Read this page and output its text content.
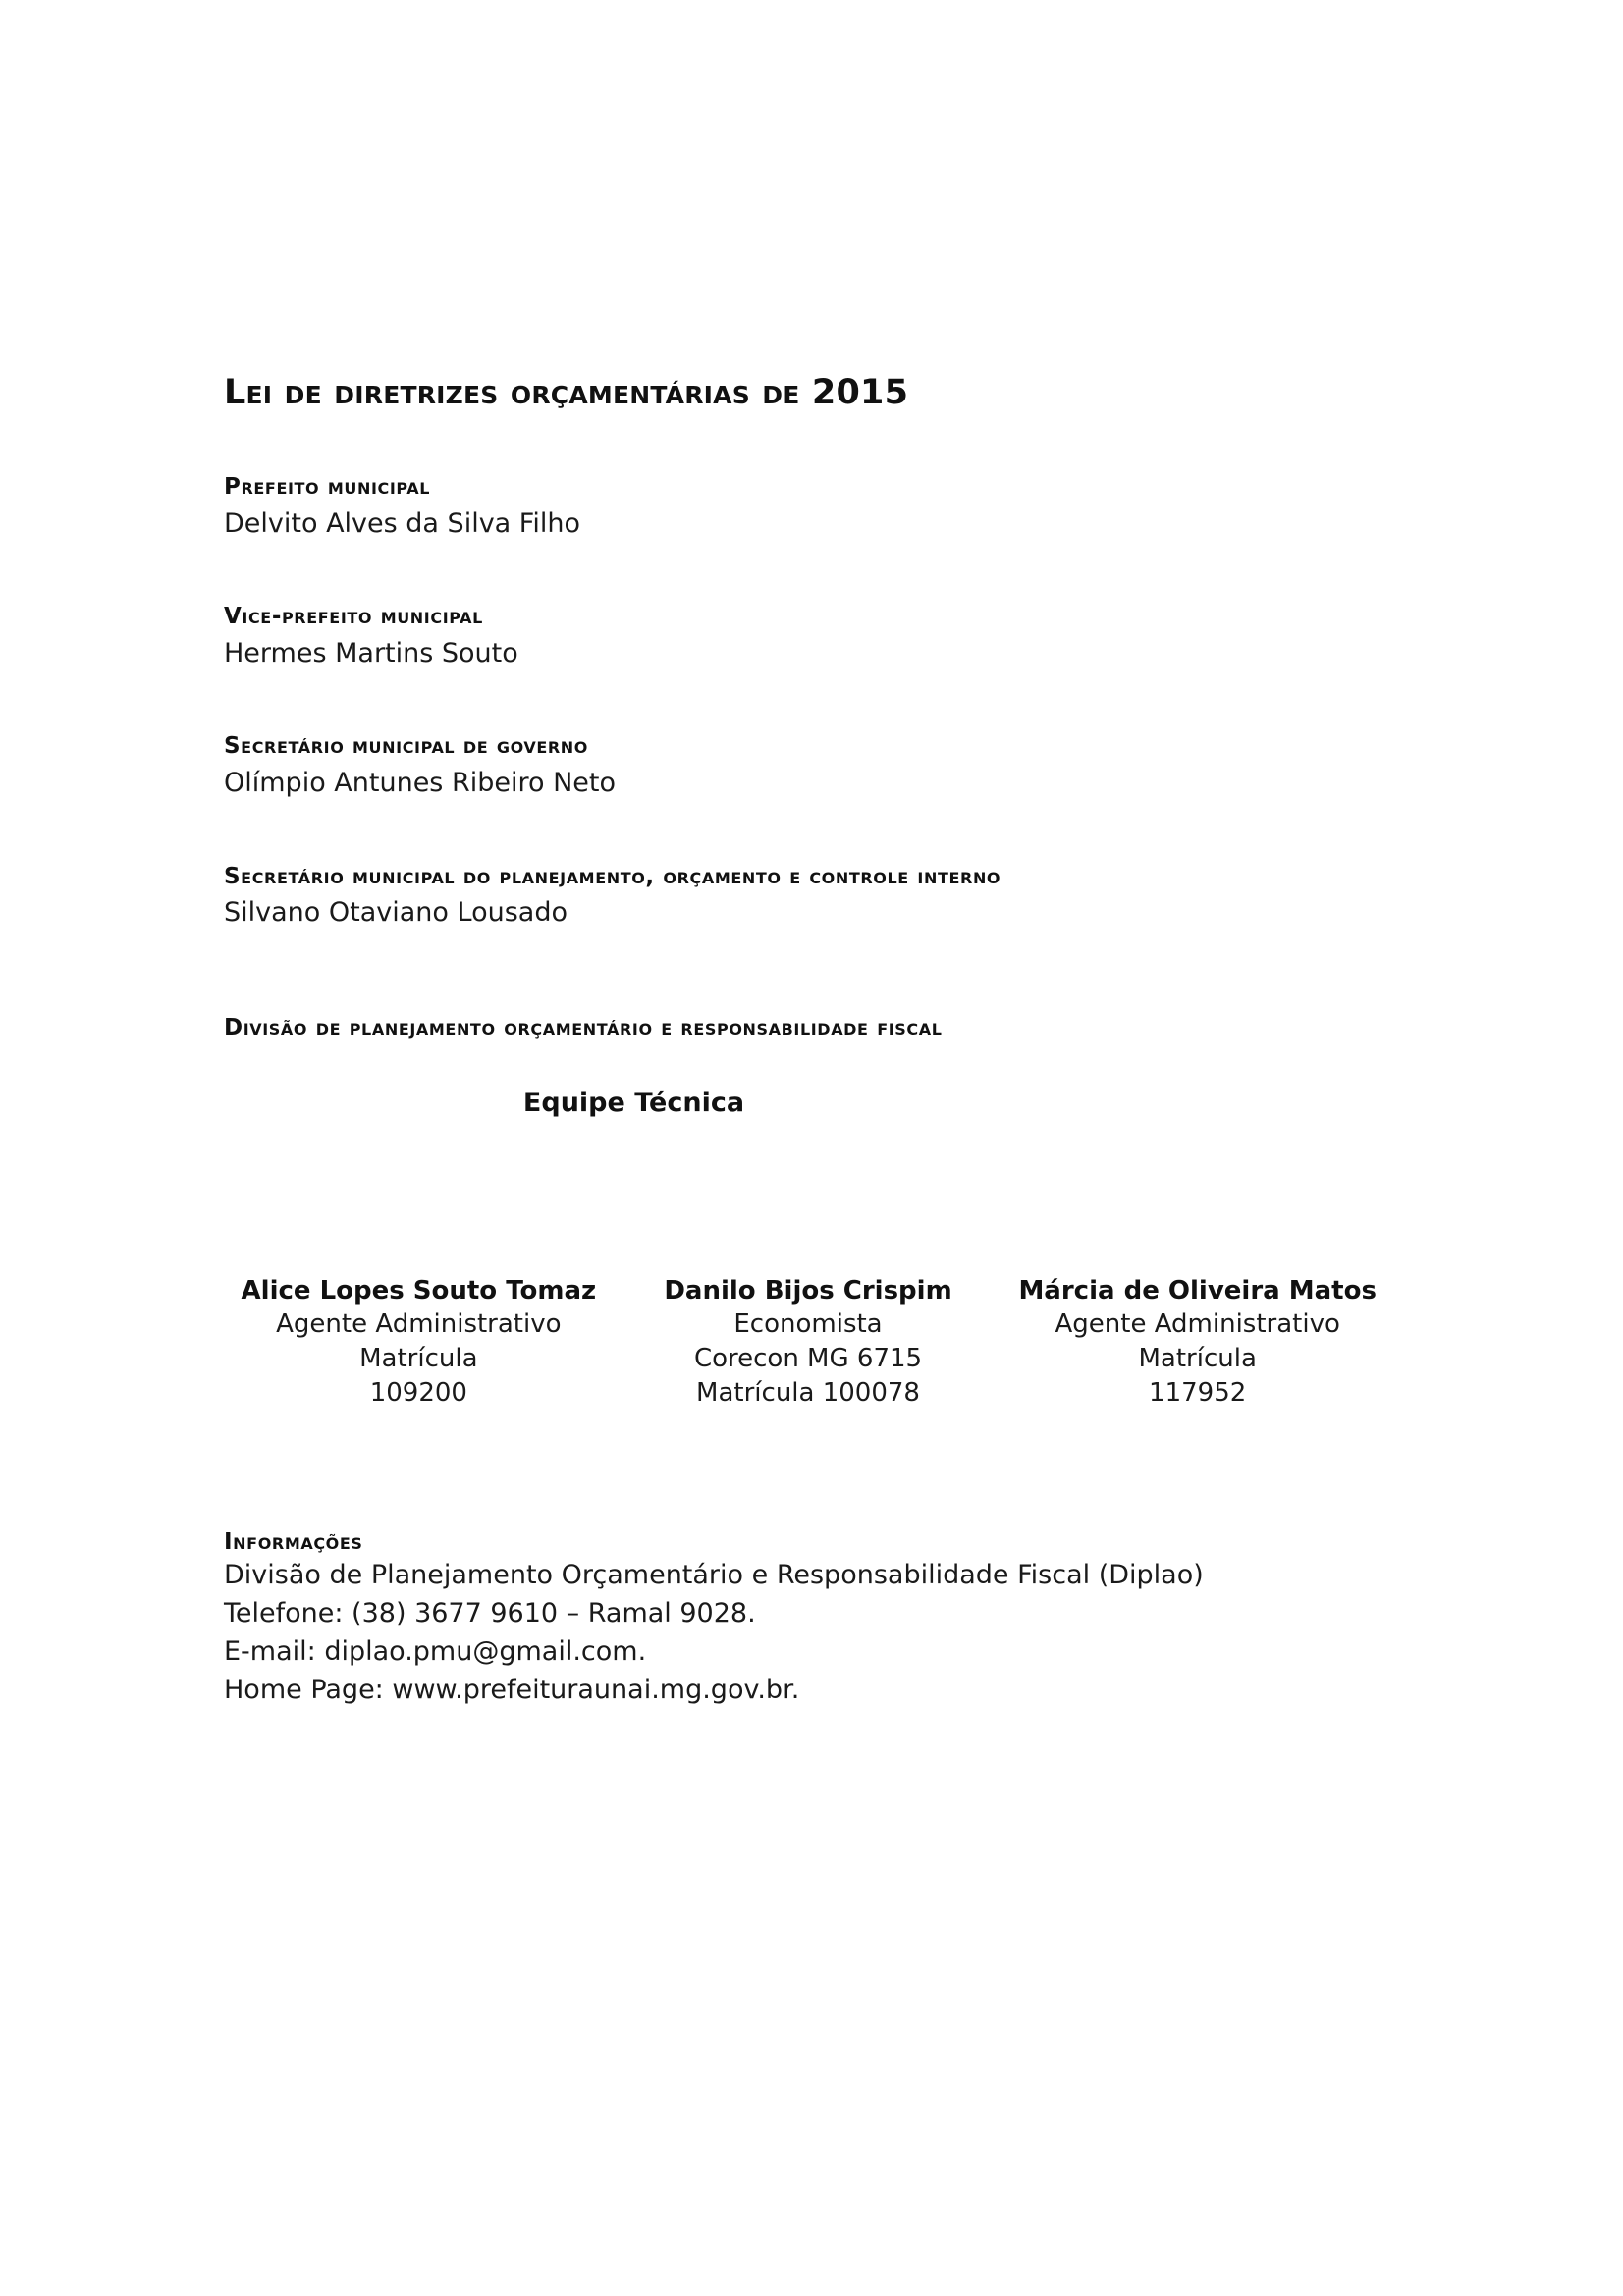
Lei de diretrizes orçamentárias de 2015
Prefeito municipal
Delvito Alves da Silva Filho
Vice-prefeito municipal
Hermes Martins Souto
Secretário municipal de governo
Olímpio Antunes Ribeiro Neto
Secretário municipal do planejamento, orçamento e controle interno
Silvano Otaviano Lousado
Divisão de planejamento orçamentário e responsabilidade fiscal
Equipe Técnica
Alice Lopes Souto Tomaz
Agente Administrativo
Matrícula
109200
Danilo Bijos Crispim
Economista
Corecon MG 6715
Matrícula 100078
Márcia de Oliveira Matos
Agente Administrativo
Matrícula
117952
Informações
Divisão de Planejamento Orçamentário e Responsabilidade Fiscal (Diplao)
Telefone: (38) 3677 9610 – Ramal 9028.
E-mail: diplao.pmu@gmail.com.
Home Page: www.prefeituraunai.mg.gov.br.
